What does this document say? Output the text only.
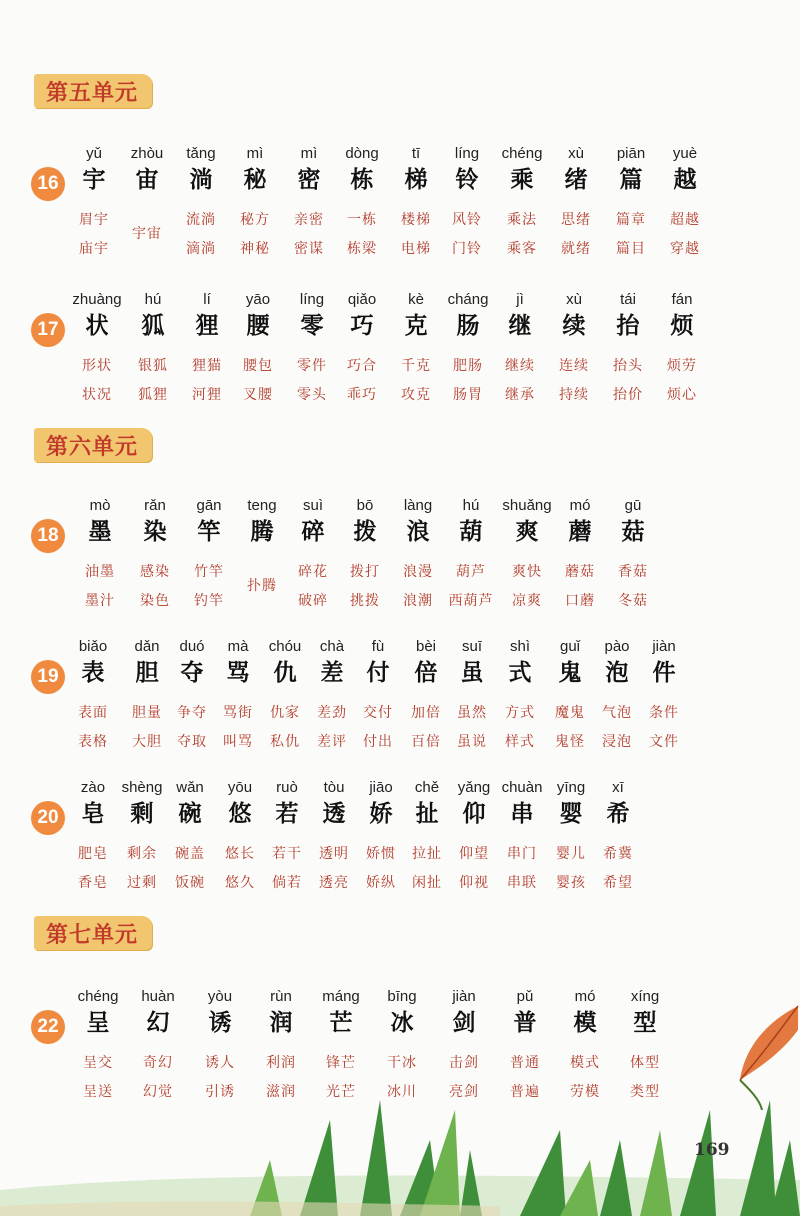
第五单元
第六单元
第七单元
16
yǔ
宇
眉宇
庙宇
zhòu
宙
宇宙
tǎng
淌
流淌
滴淌
mì
秘
秘方
神秘
mì
密
亲密
密谋
dòng
栋
一栋
栋梁
tī
梯
楼梯
电梯
líng
铃
风铃
门铃
chéng
乘
乘法
乘客
xù
绪
思绪
就绪
piān
篇
篇章
篇目
yuè
越
超越
穿越
17
zhuàng
状
形状
状况
hú
狐
银狐
狐狸
lí
狸
狸猫
河狸
yāo
腰
腰包
叉腰
líng
零
零件
零头
qiǎo
巧
巧合
乖巧
kè
克
千克
攻克
cháng
肠
肥肠
肠胃
jì
继
继续
继承
xù
续
连续
持续
tái
抬
抬头
抬价
fán
烦
烦劳
烦心
18
mò
墨
油墨
墨汁
rǎn
染
感染
染色
gān
竿
竹竿
钓竿
teng
腾
扑腾
suì
碎
碎花
破碎
bō
拨
拨打
挑拨
làng
浪
浪漫
浪潮
hú
葫
葫芦
西葫芦
shuǎng
爽
爽快
凉爽
mó
蘑
蘑菇
口蘑
gū
菇
香菇
冬菇
19
biǎo
表
表面
表格
dǎn
胆
胆量
大胆
duó
夺
争夺
夺取
mà
骂
骂街
叫骂
chóu
仇
仇家
私仇
chà
差
差劲
差评
fù
付
交付
付出
bèi
倍
加倍
百倍
suī
虽
虽然
虽说
shì
式
方式
样式
guǐ
鬼
魔鬼
鬼怪
pào
泡
气泡
浸泡
jiàn
件
条件
文件
20
zào
皂
肥皂
香皂
shèng
剩
剩余
过剩
wǎn
碗
碗盖
饭碗
yōu
悠
悠长
悠久
ruò
若
若干
倘若
tòu
透
透明
透亮
jiāo
娇
娇惯
娇纵
chě
扯
拉扯
闲扯
yǎng
仰
仰望
仰视
chuàn
串
串门
串联
yīng
婴
婴儿
婴孩
xī
希
希冀
希望
22
chéng
呈
呈交
呈送
huàn
幻
奇幻
幻觉
yòu
诱
诱人
引诱
rùn
润
利润
滋润
máng
芒
锋芒
光芒
bīng
冰
干冰
冰川
jiàn
剑
击剑
亮剑
pǔ
普
普通
普遍
mó
模
模式
劳模
xíng
型
体型
类型
169
